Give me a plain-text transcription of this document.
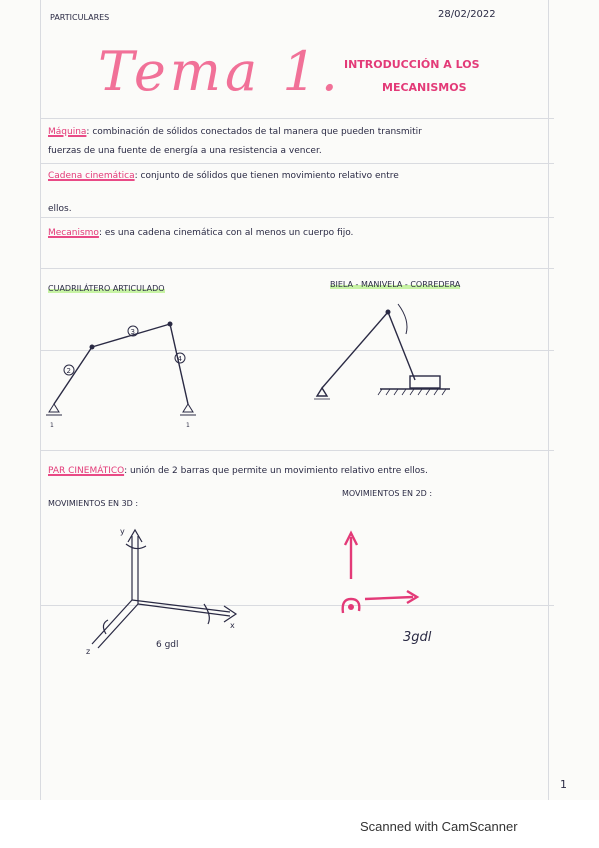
PARTICULARES	28/02/2022
Tema 1. INTRODUCCIÓN A LOS
MECANISMOS
Máquina: combinación de sólidos conectados de tal manera que pueden transmitir
fuerzas de una fuente de energía a una resistencia a vencer.
Cadena cinemática: conjunto de sólidos que tienen movimiento relativo entre
ellos.
Mecanismo: es una cadena cinemática con al menos un cuerpo fijo.
CUADRILÁTERO ARTICULADO	BIELA - MANIVELA - CORREDERA
2
3
4
1	1
PAR CINEMÁTICO: unión de 2 barras que permite un movimiento relativo entre ellos.
MOVIMIENTOS EN 3D :
MOVIMIENTOS EN 2D :
y
x
z
6 gdl	3gdl
1
Scanned with CamScanner
